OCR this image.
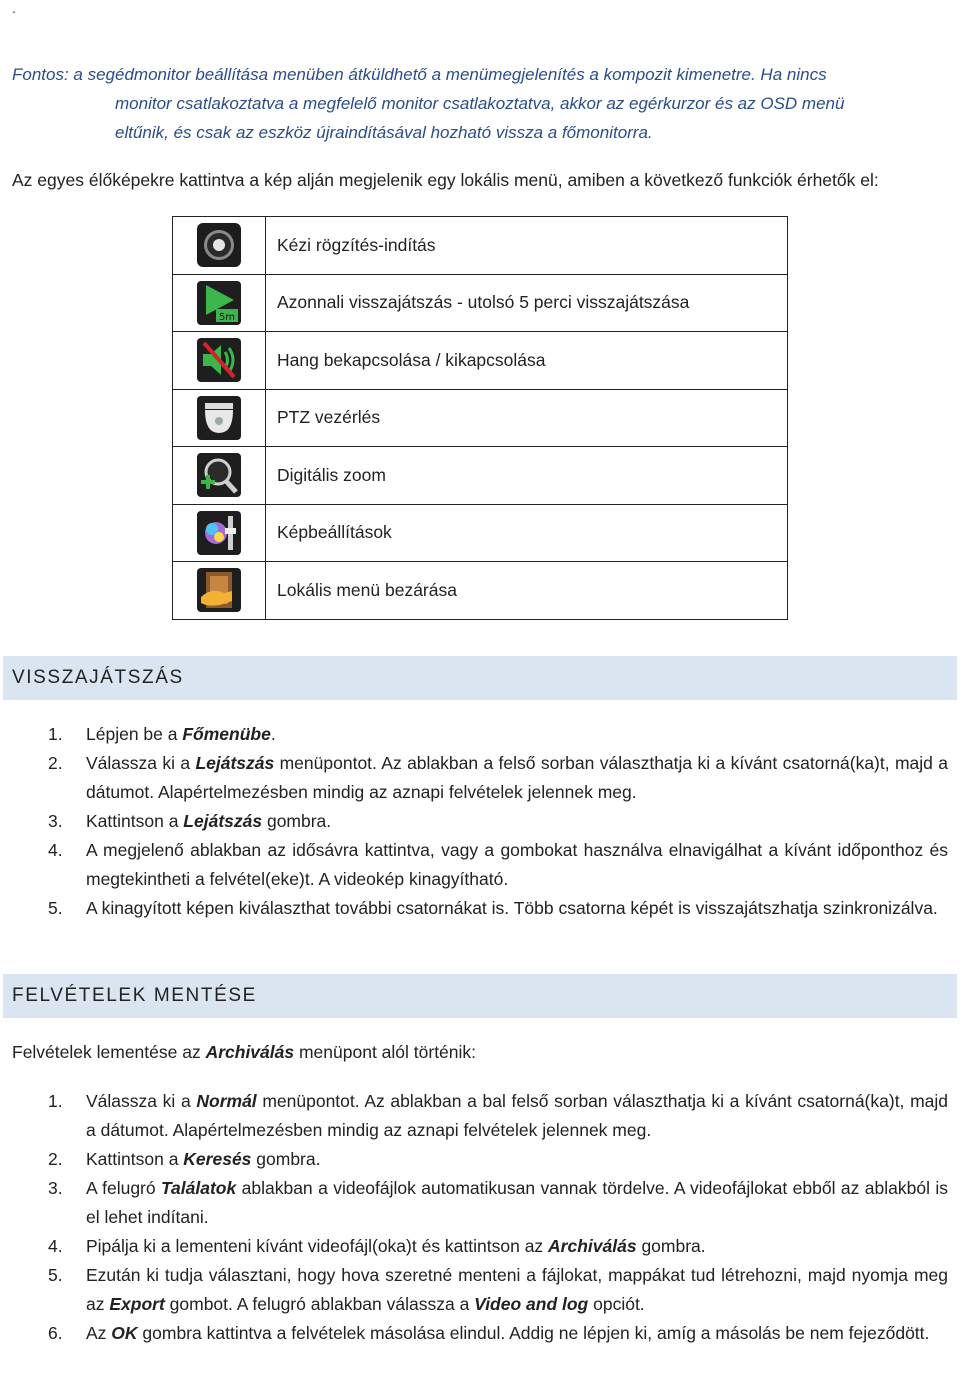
.
Fontos: a segédmonitor beállítása menüben átküldhető a menümegjelenítés a kompozit kimenetre. Ha nincs
monitor csatlakoztatva a megfelelő monitor csatlakoztatva, akkor az egérkurzor és az OSD menü
eltűnik, és csak az eszköz újraindításával hozható vissza a főmonitorra.
Az egyes élőképekre kattintva a kép alján megjelenik egy lokális menü, amiben a következő funkciók érhetők el:
	Kézi rögzítés-indítás

5m	Azonnali visszajátszás - utolsó 5 perci visszajátszása
	Hang bekapcsolása / kikapcsolása
	PTZ vezérlés
	Digitális zoom
	Képbeállítások
	Lokális menü bezárása
VISSZAJÁTSZÁS
1. Lépjen be a Főmenübe.
2. Válassza ki a Lejátszás menüpontot. Az ablakban a felső sorban választhatja ki a kívánt csatorná(ka)t, majd a dátumot. Alapértelmezésben mindig az aznapi felvételek jelennek meg.
3. Kattintson a Lejátszás gombra.
4. A megjelenő ablakban az idősávra kattintva, vagy a gombokat használva elnavigálhat a kívánt időponthoz és megtekintheti a felvétel(eke)t. A videokép kinagyítható.
5. A kinagyított képen kiválaszthat további csatornákat is. Több csatorna képét is visszajátszhatja szinkronizálva.
FELVÉTELEK MENTÉSE
Felvételek lementése az Archiválás menüpont alól történik:
1. Válassza ki a Normál menüpontot. Az ablakban a bal felső sorban választhatja ki a kívánt csatorná(ka)t, majd a dátumot. Alapértelmezésben mindig az aznapi felvételek jelennek meg.
2. Kattintson a Keresés gombra.
3. A felugró Találatok ablakban a videofájlok automatikusan vannak tördelve. A videofájlokat ebből az ablakból is el lehet indítani.
4. Pipálja ki a lementeni kívánt videofájl(oka)t és kattintson az Archiválás gombra.
5. Ezután ki tudja választani, hogy hova szeretné menteni a fájlokat, mappákat tud létrehozni, majd nyomja meg az Export gombot. A felugró ablakban válassza a Video and log opciót.
6. Az OK gombra kattintva a felvételek másolása elindul. Addig ne lépjen ki, amíg a másolás be nem fejeződött.
